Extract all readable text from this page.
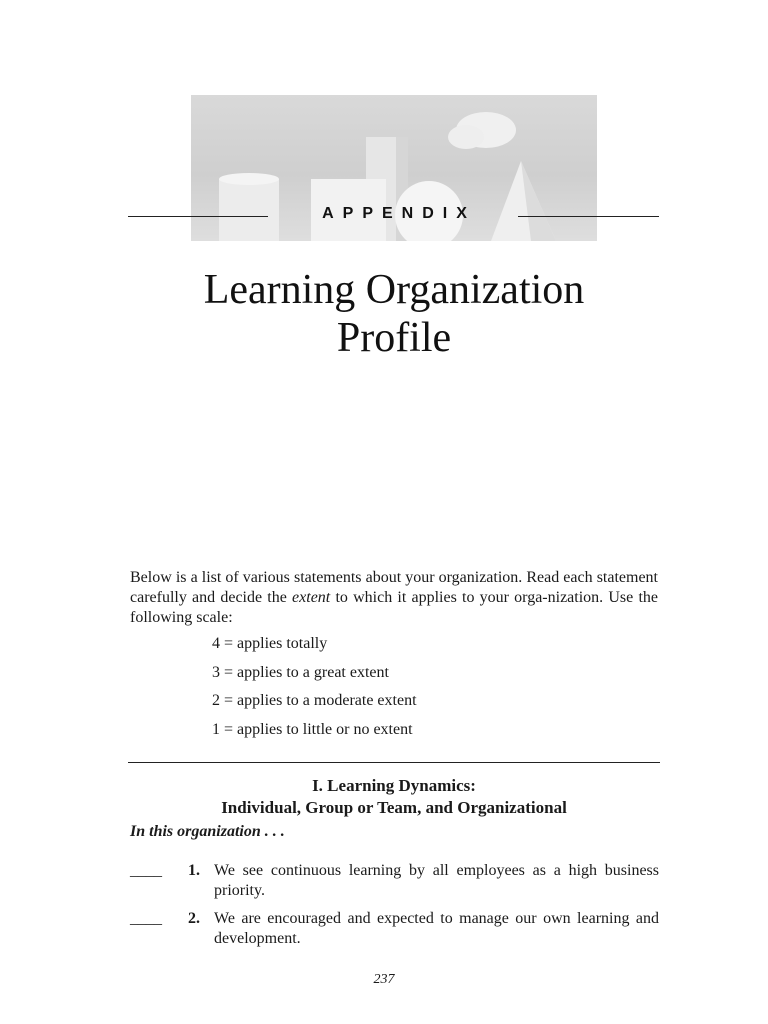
APPENDIX
Learning Organization
Profile

Below is a list of various statements about your organization. Read each statement carefully and decide the extent to which it applies to your orga-nization. Use the following scale:

4 = applies totally
3 = applies to a great extent
2 = applies to a moderate extent
1 = applies to little or no extent
I. Learning Dynamics:
Individual, Group or Team, and Organizational

In this organization . . .

____ 1. We see continuous learning by all employees as a high business priority.
____ 2. We are encouraged and expected to manage our own learning and development.
237
